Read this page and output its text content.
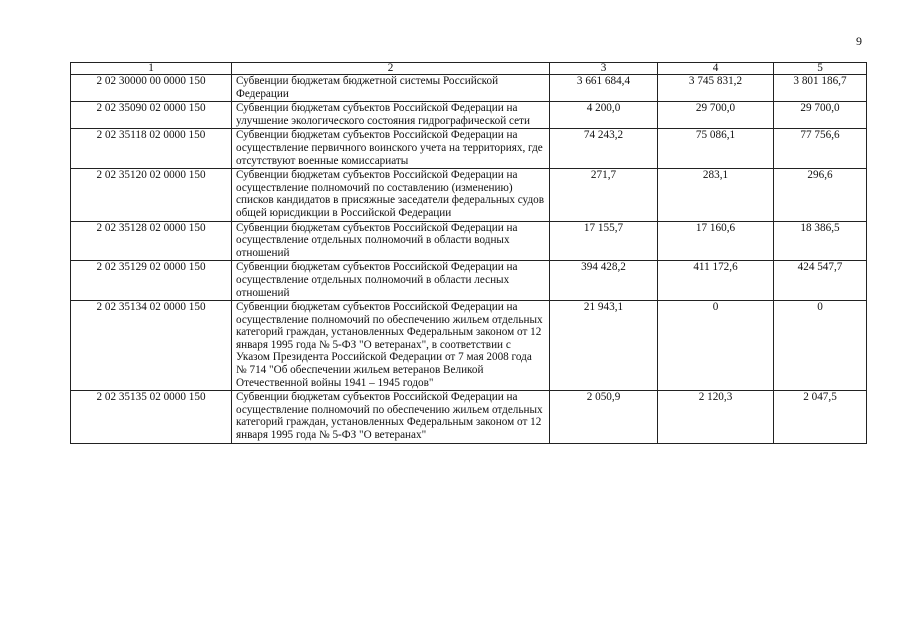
9
1	2	3	4	5
2 02 30000 00 0000 150	Субвенции бюджетам бюджетной системы Российской Федерации	3 661 684,4	3 745 831,2	3 801 186,7
2 02 35090 02 0000 150	Субвенции бюджетам субъектов Российской Федерации на улучшение экологического состояния гидрографической сети	4 200,0	29 700,0	29 700,0
2 02 35118 02 0000 150	Субвенции бюджетам субъектов Российской Федерации на осуществление первичного воинского учета на территориях, где отсутствуют военные комиссариаты	74 243,2	75 086,1	77 756,6
2 02 35120 02 0000 150	Субвенции бюджетам субъектов Российской Федерации на осуществление полномочий по составлению (изменению) списков кандидатов в присяжные заседатели федеральных судов общей юрисдикции в Российской Федерации	271,7	283,1	296,6
2 02 35128 02 0000 150	Субвенции бюджетам субъектов Российской Федерации на осуществление отдельных полномочий в области водных отношений	17 155,7	17 160,6	18 386,5
2 02 35129 02 0000 150	Субвенции бюджетам субъектов Российской Федерации на осуществление отдельных полномочий в области лесных отношений	394 428,2	411 172,6	424 547,7
2 02 35134 02 0000 150	Субвенции бюджетам субъектов Российской Федерации на осуществление полномочий по обеспечению жильем отдельных категорий граждан, установленных Федеральным законом от 12 января 1995 года № 5-ФЗ "О ветеранах", в соответствии с Указом Президента Российской Федерации от 7 мая 2008 года № 714 "Об обеспечении жильем ветеранов Великой Отечественной войны 1941 – 1945 годов"	21 943,1	0	0
2 02 35135 02 0000 150	Субвенции бюджетам субъектов Российской Федерации на осуществление полномочий по обеспечению жильем отдельных категорий граждан, установленных Федеральным законом от 12 января 1995 года № 5-ФЗ "О ветеранах"	2 050,9	2 120,3	2 047,5
